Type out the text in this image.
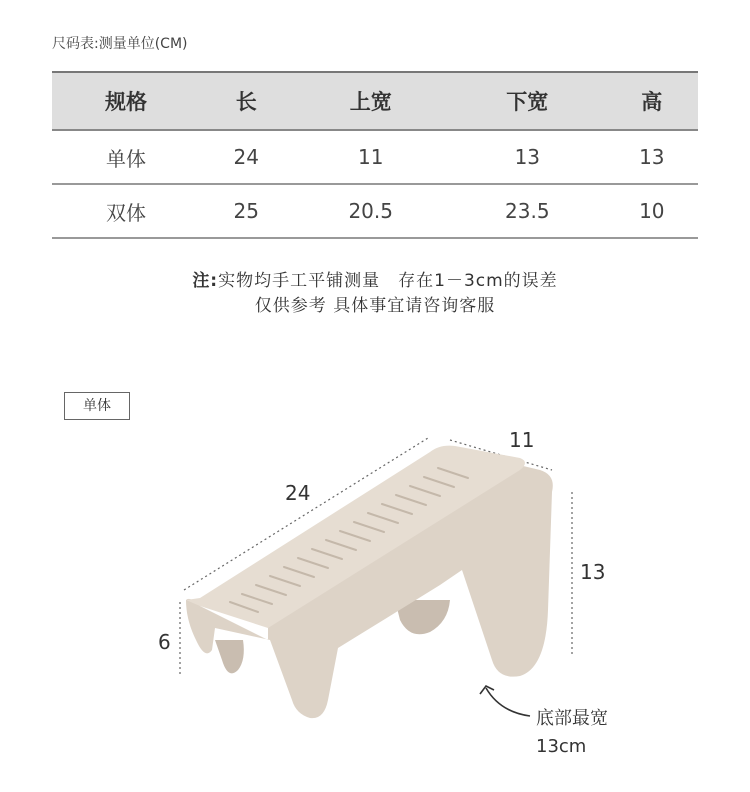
尺码表:测量单位(CM)
规格	长	上宽	下宽	高
单体	24	11	13	13
双体	25	20.5	23.5	10
注:实物均手工平铺测量　存在1－3cm的误差
仅供参考 具体事宜请咨询客服
单体
24
11
13
6
底部最宽
13cm
